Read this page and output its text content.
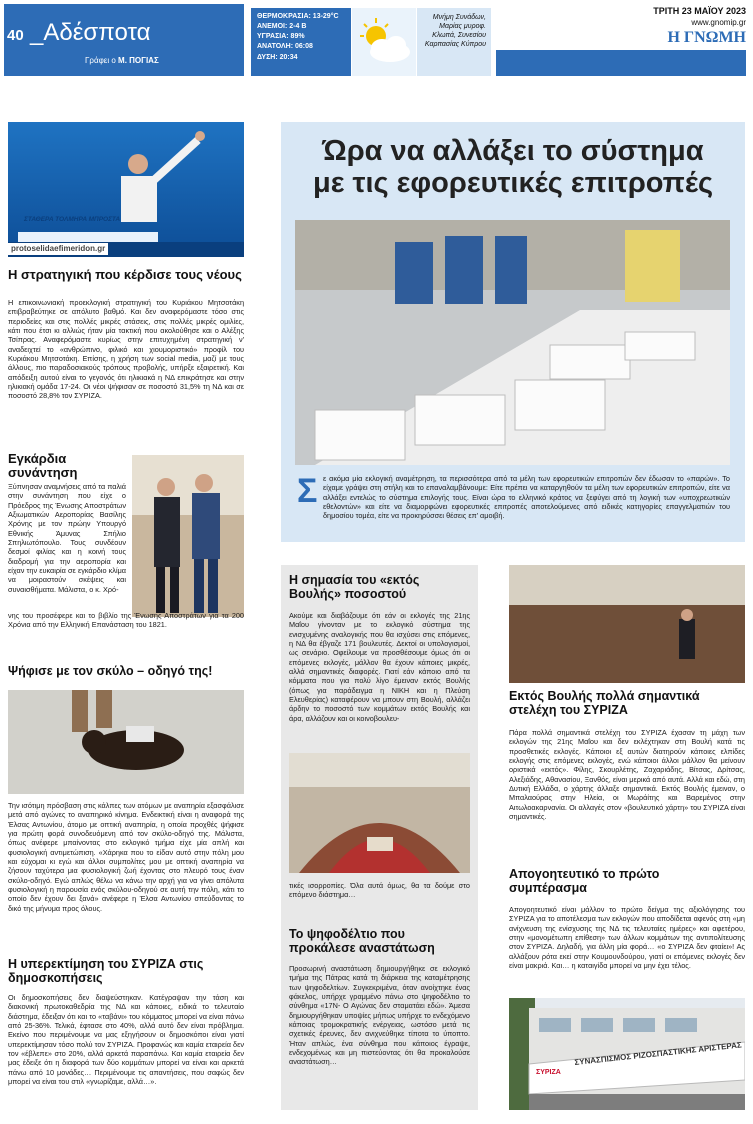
40 _Αδέσποτα
Γράφει ο Μ. ΠΟΓΙΑΣ
ΘΕΡΜΟΚΡΑΣΙΑ: 13-29°C
ΑΝΕΜΟΙ: 2-4 B
ΥΓΡΑΣΙΑ: 89%
ΑΝΑΤΟΛΗ: 06:08
ΔΥΣΗ: 20:34
Μνήμη Συνάδων, Μαρίας μυροφ. Κλωπά, Συνεσίου Καρπασίας Κύπρου
ΤΡΙΤΗ 23 ΜΑΪΟΥ 2023
www.gnomip.gr
Η ΓΝΩΜΗ
ΣΤΑΘΕΡΑ ΤΟΛΜΗΡΑ ΜΠΡΟΣΤΑ
protoselidaefimeridon.gr
Η στρατηγική που κέρδισε τους νέους
Η επικοινωνιακή προεκλογική στρατηγική του Κυριάκου Μητσοτάκη επιβραβεύτηκε σε απόλυτο βαθμό. Και δεν αναφερόμαστε τόσο στις περιοδείες και στις πολλές μικρές στάσεις, στις πολλές μικρές ομιλίες, κάτι που έτσι κι αλλιώς ήταν μία τακτική που ακολούθησε και ο Αλέξης Τσίπρας. Αναφερόμαστε κυρίως στην επιτυχημένη στρατηγική ν' αναδειχτεί το «ανθρώπινο, φιλικό και χιουμοριστικό» προφίλ του Κυριάκου Μητσοτάκη. Επίσης, η χρήση των social media, μαζί με τους άλλους, πιο παραδοσιακούς τρόπους προβολής, υπήρξε εξαιρετική. Και απόδειξη αυτού είναι το γεγονός ότι ηλικιακά η ΝΔ επικράτησε και στην ηλικιακή ομάδα 17-24. Οι νέοι ψήφισαν σε ποσοστό 31,5% τη ΝΔ και σε ποσοστό 28,8% τον ΣΥΡΙΖΑ.
Εγκάρδια συνάντηση
Ξύπνησαν αναμνήσεις από τα παλιά στην συνάντηση που είχε ο Πρόεδρος της Ένωσης Αποστράτων Αξιωματικών Αεροπορίας Βασίλης Χρόνης με τον πρώην Υπουργό Εθνικής Άμυνας Σπήλιο Σπηλιωτόπουλο. Τους συνδέουν δεσμοί φιλίας και η κοινή τους διαδρομή για την αεροπορία και είχαν την ευκαιρία σε εγκάρδιο κλίμα να μοιραστούν σκέψεις και συναισθήματα. Μάλιστα, ο κ. Χρό-
νης του προσέφερε και το βιβλίο της Ένωσης Αποστράτων για τα 200 Χρόνια από την Ελληνική Επανάσταση του 1821.
Ψήφισε με τον σκύλο – οδηγό της!
Την ισότιμη πρόσβαση στις κάλπες των ατόμων με αναπηρία εξασφάλισε μετά από αγώνες το αναπηρικό κίνημα. Ενδεικτική είναι η αναφορά της Έλσας Αντωνίου, άτομο με οπτική αναπηρία, η οποία προχθές ψήφισε για πρώτη φορά συνοδευόμενη από τον σκύλο-οδηγό της. Μάλιστα, όπως ανέφερε μπαίνοντας στο εκλογικό τμήμα είχε μία απλή και φυσιολογική αντιμετώπιση. «Χάρηκα που το είδαν αυτό στην πόλη μου και εύχομαι κι εγώ και άλλοι συμπολίτες μου με οπτική αναπηρία να ζήσουν ταχύτερα μια φυσιολογική ζωή έχοντας στο πλευρό τους έναν σκύλο-οδηγό. Εγώ απλώς θέλω να κάνω την αρχή για να γίνει απόλυτα φυσιολογική η παρουσία ενός σκύλου-οδηγού σε αυτή την πόλη, κάτι το οποίο δεν έχουν δει ξανά» ανέφερε η Έλσα Αντωνίου σπεύδοντας το δικό της μήνυμα προς όλους.
Η υπερεκτίμηση του ΣΥΡΙΖΑ στις δημοσκοπήσεις
Οι δημοσκοπήσεις δεν διαψεύστηκαν. Κατέγραψαν την τάση και διακονική πρωτοκαθεδρία της ΝΔ και κάποιες, ειδικά το τελευταίο διάστημα, έδειξαν ότι και το «ταβάνι» του κόμματος μπορεί να είναι πάνω από 25-36%. Τελικά, έφτασε στο 40%, αλλά αυτό δεν είναι πρόβλημα. Εκείνο που περιμένουμε να μας εξηγήσουν οι δημοσκόποι είναι γιατί υπερεκτίμησαν τόσο πολύ τον ΣΥΡΙΖΑ. Προφανώς και καμία εταιρεία δεν τον «έβλεπε» στο 20%, αλλά αρκετά παραπάνω. Και καμία εταιρεία δεν μας έδειξε ότι η διαφορά των δύο κομμάτων μπορεί να είναι και αρκετά πάνω από 10 μονάδες… Περιμένουμε τις απαντήσεις, που σαφώς δεν μπορεί να είναι του στιλ «γνωρίζαμε, αλλά…».
Ώρα να αλλάξει το σύστημα
με τις εφορευτικές επιτροπές
Σ ε ακόμα μία εκλογική αναμέτρηση, τα περισσότερα από τα μέλη των εφορευτικών επιτροπών δεν έδωσαν το «παρών». Το είχαμε γράψει στη στήλη και το επαναλαμβάνουμε: Είτε πρέπει να καταργηθούν τα μέλη των εφορευτικών επιτροπών, είτε να αλλάξει εντελώς το σύστημα επιλογής τους. Είναι ώρα το ελληνικό κράτος να ξεφύγει από τη λογική των «υποχρεωτικών εθελοντών» και είτε να διαμορφώνει εφορευτικές επιτροπές αποτελούμενες από ειδικές κατηγορίες επαγγελματιών του δημοσίου τομέα, είτε να προκηρύσσει θέσεις επ' αμοιβή.
Η σημασία του «εκτός Βουλής» ποσοστού
Ακούμε και διαβάζουμε ότι εάν οι εκλογές της 21ης Μαΐου γίνονταν με το εκλογικό σύστημα της ενισχυμένης αναλογικής που θα ισχύσει στις επόμενες, η ΝΔ θα έβγαζε 171 βουλευτές. Δεκτοί οι υπολογισμοί, ως σενάριο. Οφείλουμε να προσθέσουμε όμως ότι οι επόμενες εκλογές, μάλλον θα έχουν κάποιες μικρές, αλλά σημαντικές διαφορές. Γιατί εάν κάποιο από τα κόμματα που για πολύ λίγο έμειναν εκτός Βουλής (όπως για παράδειγμα η ΝΙΚΗ και η Πλεύση Ελευθερίας) καταφέρουν να μπουν στη Βουλή, αλλάζει άρδην το ποσοστό των κομμάτων εκτός Βουλής και άρα, αλλάζουν και οι κοινοβουλευ-
τικές ισορροπίες. Όλα αυτά όμως, θα τα δούμε στο επόμενο διάστημα…
Το ψηφοδέλτιο που προκάλεσε αναστάτωση
Προσωρινή αναστάτωση δημιουργήθηκε σε εκλογικό τμήμα της Πάτρας κατά τη διάρκεια της καταμέτρησης των ψηφοδελτίων. Συγκεκριμένα, όταν ανοίχτηκε ένας φάκελος, υπήρχε γραμμένο πάνω στο ψηφοδέλτιο το σύνθημα «17Ν- Ο Αγώνας δεν σταματάει εδώ». Άμεσα δημιουργήθηκαν υποψίες μήπως υπήρχε το ενδεχόμενο κάποιας τρομοκρατικής ενέργειας, ωστόσο μετά τις σχετικές έρευνες, δεν ανιχνεύθηκε τίποτα το ύποπτο. Ήταν απλώς, ένα σύνθημα που κάποιος έγραψε, ενδεχομένως και μη πιστεύοντας ότι θα προκαλούσε αναστάτωση…
Εκτός Βουλής πολλά σημαντικά στελέχη του ΣΥΡΙΖΑ
Πάρα πολλά σημαντικά στελέχη του ΣΥΡΙΖΑ έχασαν τη μάχη των εκλογών της 21ης Μαΐου και δεν εκλέχτηκαν στη Βουλή κατά τις προσθετικές εκλογές. Κάποιοι εξ αυτών διατηρούν κάποιες ελπίδες εκλογής στις επόμενες εκλογές, ενώ κάποιοι άλλοι μάλλον θα μείνουν οριστικά «εκτός». Φίλης, Σκουρλέτης, Ζαχαριάδης, Βίτσας, Δρίτσας, Αλεξιάδης, Αθανασίου, Ξανθός, είναι μερικά από αυτά. Αλλά και εδώ, στη Δυτική Ελλάδα, ο χάρτης άλλαξε σημαντικά. Εκτός Βουλής έμειναν, ο Μπαλαούρας στην Ηλεία, οι Μωράίτης και Βαρεμένος στην Αιτωλοακαρνανία. Οι αλλαγές στον «βουλευτικό χάρτη» του ΣΥΡΙΖΑ είναι σημαντικές.
Απογοητευτικό το πρώτο συμπέρασμα
Απογοητευτικό είναι μάλλον το πρώτο δείγμα της αξιολόγησης του ΣΥΡΙΖΑ για το αποτέλεσμα των εκλογών που αποδίδεται αφενός στη «μη ανίχνευση της ενίσχυσης της ΝΔ τις τελευταίες ημέρες» και αφετέρου, στην «μονομέτωπη επίθεση» των άλλων κομμάτων της αντιπολίτευσης στον ΣΥΡΙΖΑ. Δηλαδή, για άλλη μία φορά… «ο ΣΥΡΙΖΑ δεν φταίει»! Ας αλλάξουν ρότα εκεί στην Κουμουνδούρου, γιατί οι επόμενες εκλογές δεν είναι μακριά. Και… η καταιγίδα μπορεί να μην έχει τέλος.
ΣΥΡΙΖΑ
ΣΥΝΑΣΠΙΣΜΟΣ ΡΙΖΟΣΠΑΣΤΙΚΗΣ ΑΡΙΣΤΕΡΑΣ
